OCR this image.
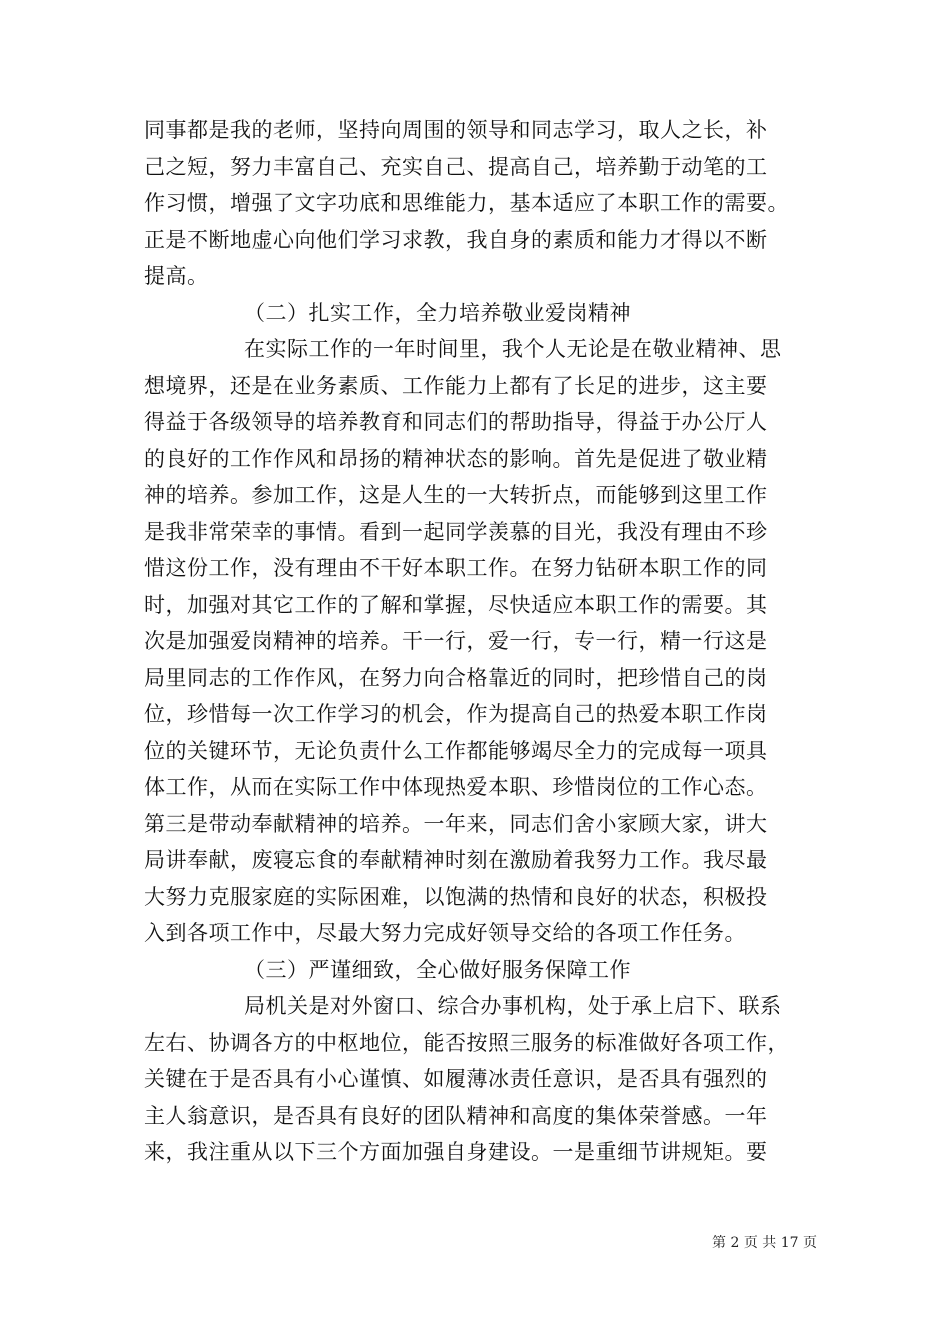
同事都是我的老师，坚持向周围的领导和同志学习，取人之长，补
己之短，努力丰富自己、充实自己、提高自己，培养勤于动笔的工
作习惯，增强了文字功底和思维能力，基本适应了本职工作的需要。
正是不断地虚心向他们学习求教，我自身的素质和能力才得以不断
提高。
（二）扎实工作，全力培养敬业爱岗精神
在实际工作的一年时间里，我个人无论是在敬业精神、思
想境界，还是在业务素质、工作能力上都有了长足的进步，这主要
得益于各级领导的培养教育和同志们的帮助指导，得益于办公厅人
的良好的工作作风和昂扬的精神状态的影响。首先是促进了敬业精
神的培养。参加工作，这是人生的一大转折点，而能够到这里工作
是我非常荣幸的事情。看到一起同学羡慕的目光，我没有理由不珍
惜这份工作，没有理由不干好本职工作。在努力钻研本职工作的同
时，加强对其它工作的了解和掌握，尽快适应本职工作的需要。其
次是加强爱岗精神的培养。干一行，爱一行，专一行，精一行这是
局里同志的工作作风，在努力向合格靠近的同时，把珍惜自己的岗
位，珍惜每一次工作学习的机会，作为提高自己的热爱本职工作岗
位的关键环节，无论负责什么工作都能够竭尽全力的完成每一项具
体工作，从而在实际工作中体现热爱本职、珍惜岗位的工作心态。
第三是带动奉献精神的培养。一年来，同志们舍小家顾大家，讲大
局讲奉献，废寝忘食的奉献精神时刻在激励着我努力工作。我尽最
大努力克服家庭的实际困难，以饱满的热情和良好的状态，积极投
入到各项工作中，尽最大努力完成好领导交给的各项工作任务。
（三）严谨细致，全心做好服务保障工作
局机关是对外窗口、综合办事机构，处于承上启下、联系
左右、协调各方的中枢地位，能否按照三服务的标准做好各项工作，
关键在于是否具有小心谨慎、如履薄冰责任意识，是否具有强烈的
主人翁意识，是否具有良好的团队精神和高度的集体荣誉感。一年
来，我注重从以下三个方面加强自身建设。一是重细节讲规矩。要
第 2 页 共 17 页
